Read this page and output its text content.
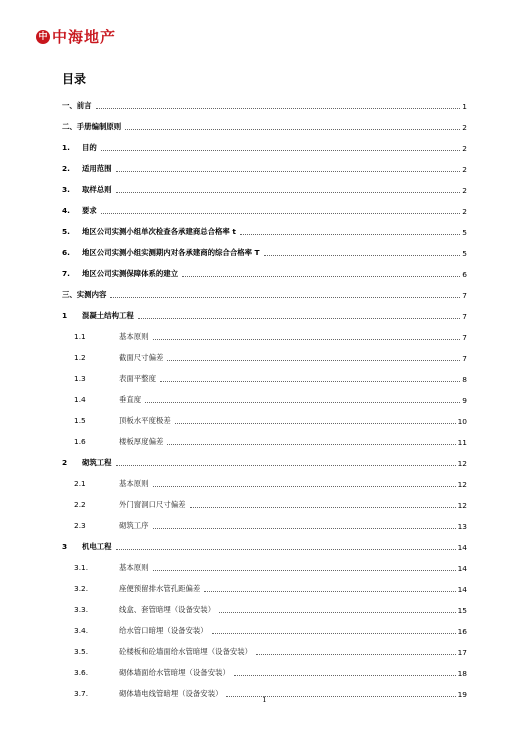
中 中海地产
目录
一、前言	1
二、手册编制原则	2
1. 目的	2
2. 适用范围	2
3. 取样总则	2
4. 要求	2
5. 地区公司实测小组单次检查各承建商总合格率 t	5
6. 地区公司实测小组实测期内对各承建商的综合合格率 T	5
7. 地区公司实测保障体系的建立	6
三、实测内容	7
1 混凝土结构工程	7
1.1	基本原则	7
1.2	截面尺寸偏差	7
1.3	表面平整度	8
1.4	垂直度	9
1.5	顶板水平度极差	10
1.6	楼板厚度偏差	11
2 砌筑工程	12
2.1	基本原则	12
2.2	外门窗洞口尺寸偏差	12
2.3	砌筑工序	13
3 机电工程	14
3.1.	基本原则	14
3.2.	座便预留排水管孔距偏差	14
3.3.	线盒、套管暗埋（设备安装）	15
3.4.	给水管口暗埋（设备安装）	16
3.5.	砼楼板和砼墙面给水管暗埋（设备安装）	17
3.6.	砌体墙面给水管暗埋（设备安装）	18
3.7.	砌体墙电线管暗埋（设备安装）	19
1
